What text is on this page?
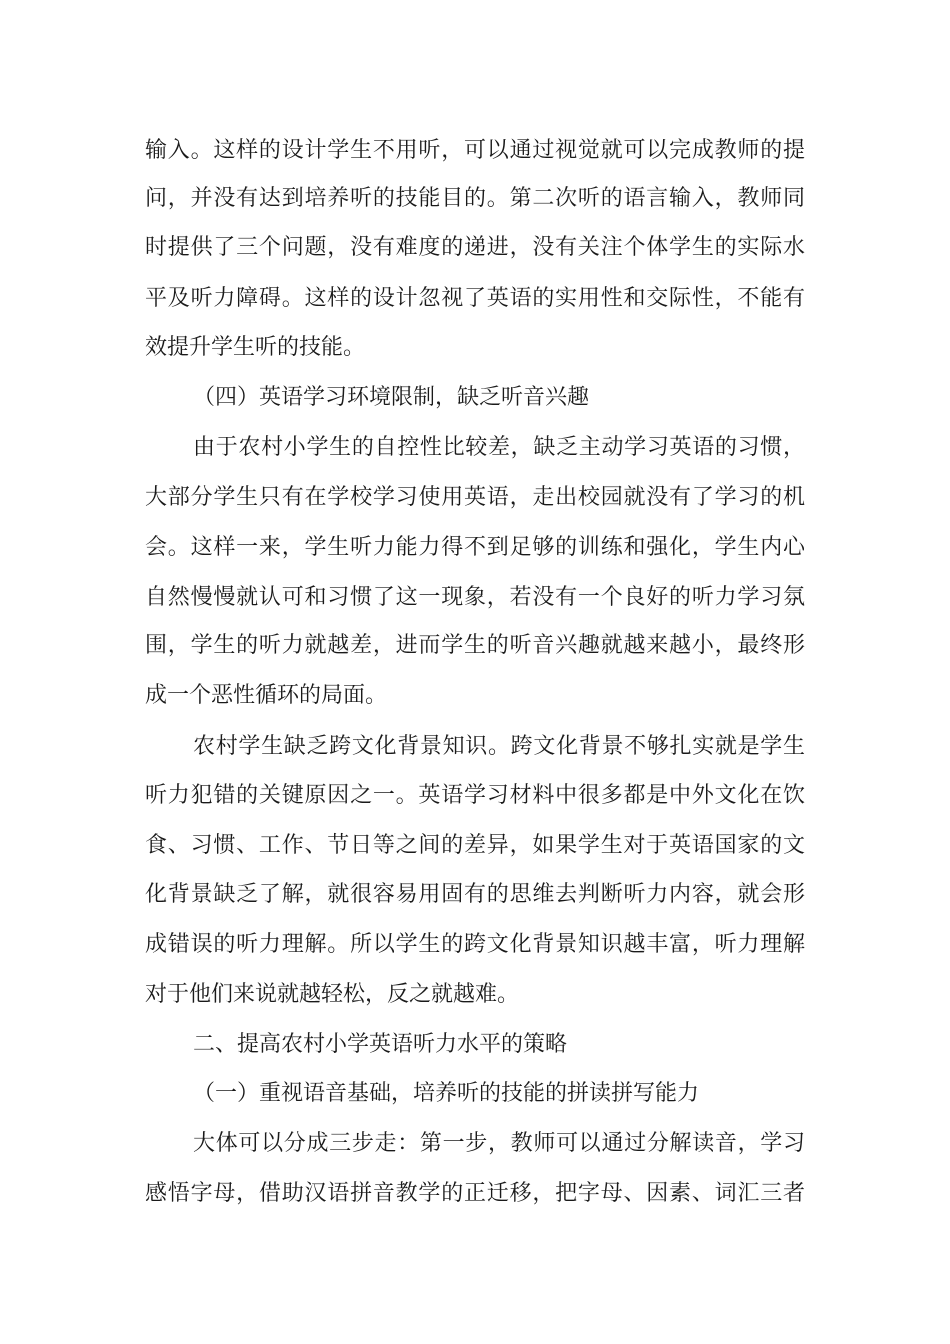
输入。这样的设计学生不用听，可以通过视觉就可以完成教师的提
问，并没有达到培养听的技能目的。第二次听的语言输入，教师同
时提供了三个问题，没有难度的递进，没有关注个体学生的实际水
平及听力障碍。这样的设计忽视了英语的实用性和交际性，不能有
效提升学生听的技能。
（四）英语学习环境限制，缺乏听音兴趣
由于农村小学生的自控性比较差，缺乏主动学习英语的习惯，
大部分学生只有在学校学习使用英语，走出校园就没有了学习的机
会。这样一来，学生听力能力得不到足够的训练和强化，学生内心
自然慢慢就认可和习惯了这一现象，若没有一个良好的听力学习氛
围，学生的听力就越差，进而学生的听音兴趣就越来越小，最终形
成一个恶性循环的局面。
农村学生缺乏跨文化背景知识。跨文化背景不够扎实就是学生
听力犯错的关键原因之一。英语学习材料中很多都是中外文化在饮
食、习惯、工作、节日等之间的差异，如果学生对于英语国家的文
化背景缺乏了解，就很容易用固有的思维去判断听力内容，就会形
成错误的听力理解。所以学生的跨文化背景知识越丰富，听力理解
对于他们来说就越轻松，反之就越难。
二、提高农村小学英语听力水平的策略
（一）重视语音基础，培养听的技能的拼读拼写能力
大体可以分成三步走：第一步，教师可以通过分解读音，学习
感悟字母，借助汉语拼音教学的正迁移，把字母、因素、词汇三者
